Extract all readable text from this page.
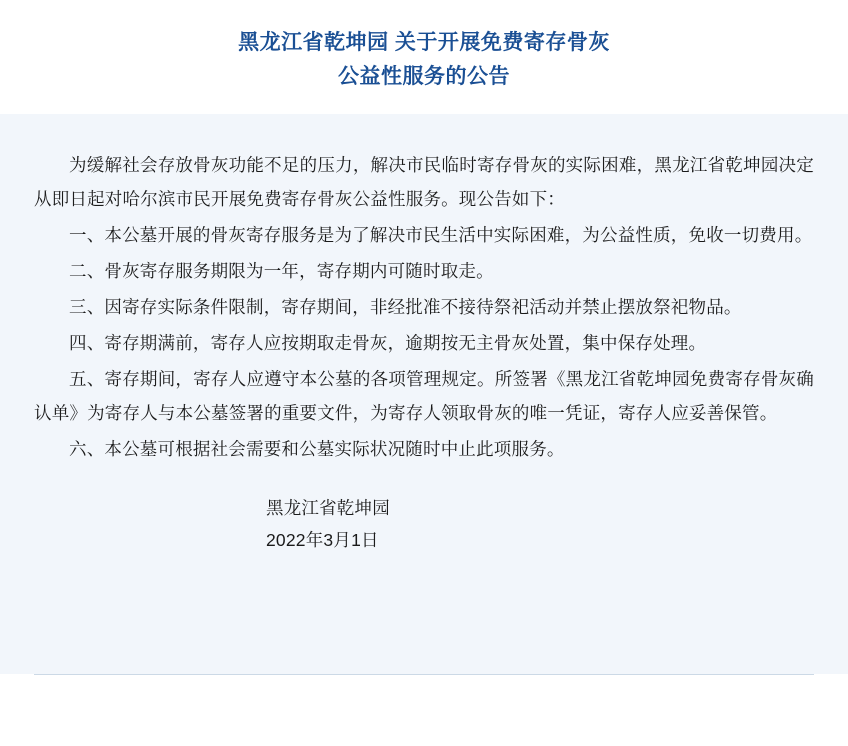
黑龙江省乾坤园 关于开展免费寄存骨灰
公益性服务的公告

为缓解社会存放骨灰功能不足的压力，解决市民临时寄存骨灰的实际困难，黑龙江省乾坤园决定从即日起对哈尔滨市民开展免费寄存骨灰公益性服务。现公告如下：

一、本公墓开展的骨灰寄存服务是为了解决市民生活中实际困难，为公益性质，免收一切费用。

二、骨灰寄存服务期限为一年，寄存期内可随时取走。

三、因寄存实际条件限制，寄存期间，非经批准不接待祭祀活动并禁止摆放祭祀物品。

四、寄存期满前，寄存人应按期取走骨灰，逾期按无主骨灰处置，集中保存处理。

五、寄存期间，寄存人应遵守本公墓的各项管理规定。所签署《黑龙江省乾坤园免费寄存骨灰确认单》为寄存人与本公墓签署的重要文件，为寄存人领取骨灰的唯一凭证，寄存人应妥善保管。

六、本公墓可根据社会需要和公墓实际状况随时中止此项服务。

黑龙江省乾坤园
2022年3月1日
